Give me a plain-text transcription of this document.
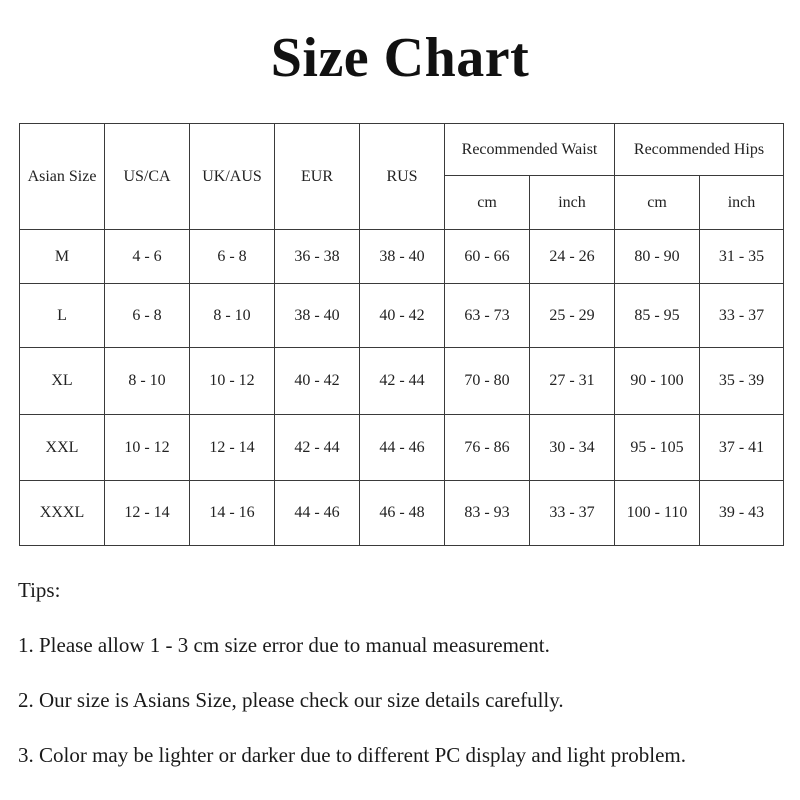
Size Chart
Asian Size	US/CA	UK/AUS	EUR	RUS	Recommended Waist		Recommended Hips	
					cm	inch	cm	inch
M	4 - 6	6 - 8	36 - 38	38 - 40	60 - 66	24 - 26	80 - 90	31 - 35
L	6 - 8	8 - 10	38 - 40	40 - 42	63 - 73	25 - 29	85 - 95	33 - 37
XL	8 - 10	10 - 12	40 - 42	42 - 44	70 - 80	27 - 31	90 - 100	35 - 39
XXL	10 - 12	12 - 14	42 - 44	44 - 46	76 - 86	30 - 34	95 - 105	37 - 41
XXXL	12 - 14	14 - 16	44 - 46	46 - 48	83 - 93	33 - 37	100 - 110	39 - 43
Tips:
1. Please allow 1 - 3 cm size error due to manual measurement.
2. Our size is Asians Size, please check our size details carefully.
3. Color may be lighter or darker due to different PC display and light problem.
